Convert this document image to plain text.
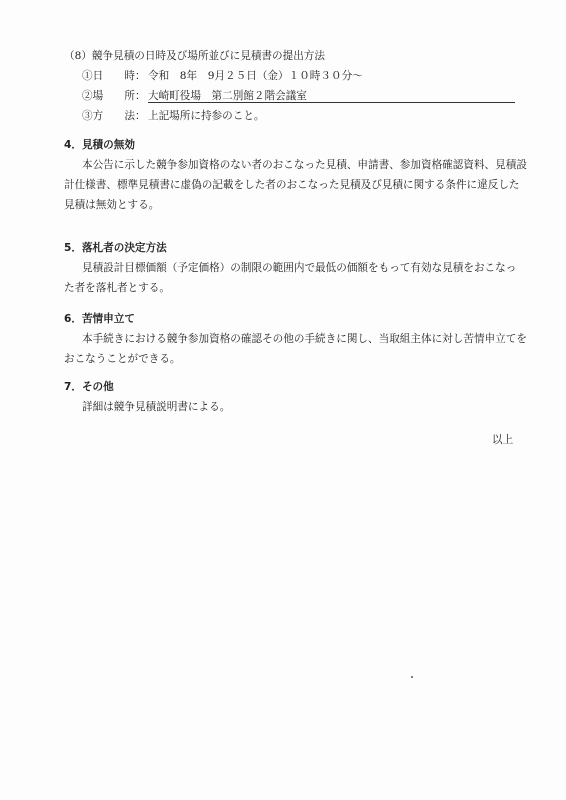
（8）競争見積の日時及び場所並びに見積書の提出方法
①日　　時： 令和　8年　9月２５日（金）１０時３０分～
②場　　所： 大崎町役場　第二別館２階会議室
③方　　法： 上記場所に持参のこと。
4．見積の無効
本公告に示した競争参加資格のない者のおこなった見積、申請書、参加資格確認資料、見積設
計仕様書、標準見積書に虚偽の記載をした者のおこなった見積及び見積に関する条件に違反した
見積は無効とする。
5．落札者の決定方法
見積設計目標価額（予定価格）の制限の範囲内で最低の価額をもって有効な見積をおこなっ
た者を落札者とする。
6．苦情申立て
本手続きにおける競争参加資格の確認その他の手続きに関し、当取組主体に対し苦情申立てを
おこなうことができる。
7．その他
詳細は競争見積説明書による。
以上
